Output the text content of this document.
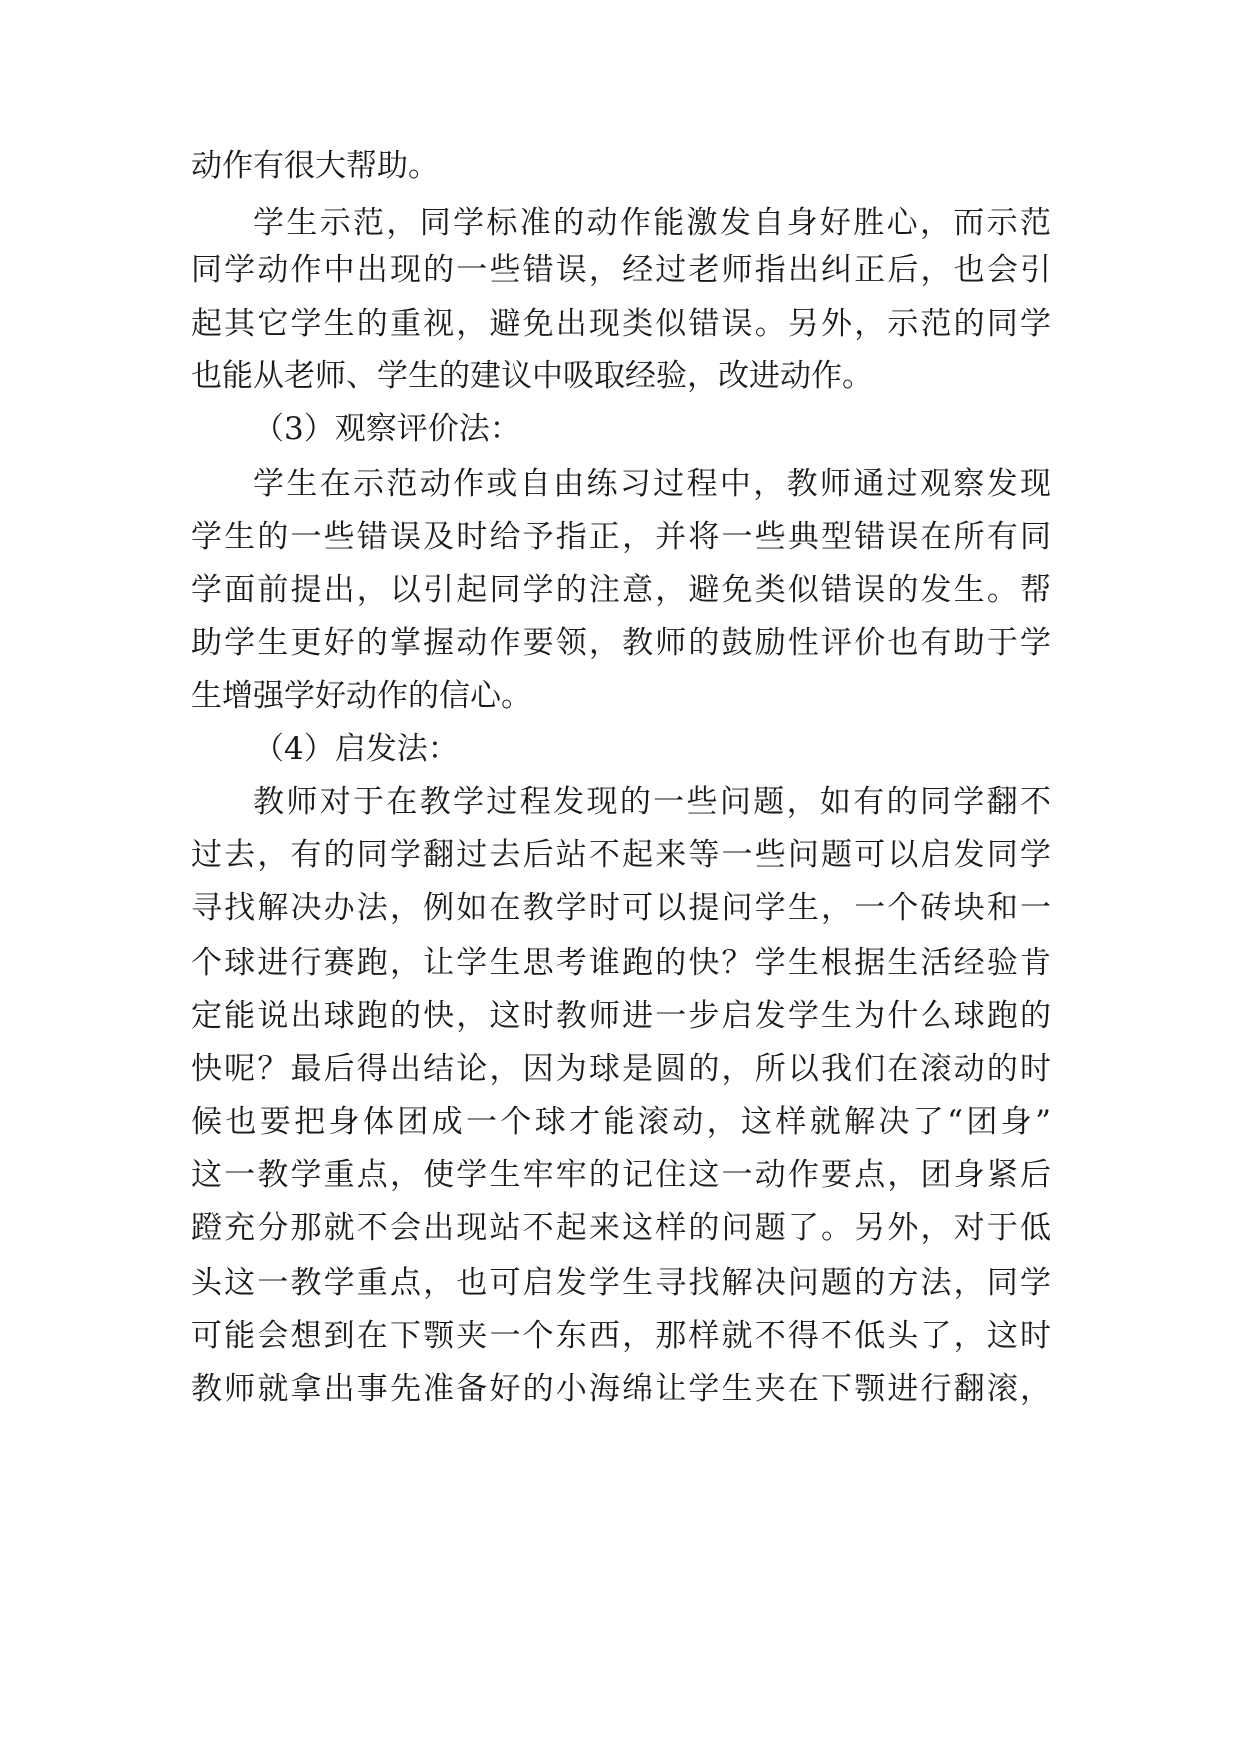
动作有很大帮助。
学生示范，同学标准的动作能激发自身好胜心，而示范
同学动作中出现的一些错误，经过老师指出纠正后，也会引
起其它学生的重视，避免出现类似错误。另外，示范的同学
也能从老师、学生的建议中吸取经验，改进动作。
（3）观察评价法：
学生在示范动作或自由练习过程中，教师通过观察发现
学生的一些错误及时给予指正，并将一些典型错误在所有同
学面前提出，以引起同学的注意，避免类似错误的发生。帮
助学生更好的掌握动作要领，教师的鼓励性评价也有助于学
生增强学好动作的信心。
（4）启发法：
教师对于在教学过程发现的一些问题，如有的同学翻不
过去，有的同学翻过去后站不起来等一些问题可以启发同学
寻找解决办法，例如在教学时可以提问学生，一个砖块和一
个球进行赛跑，让学生思考谁跑的快？学生根据生活经验肯
定能说出球跑的快，这时教师进一步启发学生为什么球跑的
快呢？最后得出结论，因为球是圆的，所以我们在滚动的时
候也要把身体团成一个球才能滚动，这样就解决了“团身”
这一教学重点，使学生牢牢的记住这一动作要点，团身紧后
蹬充分那就不会出现站不起来这样的问题了。另外，对于低
头这一教学重点，也可启发学生寻找解决问题的方法，同学
可能会想到在下颚夹一个东西，那样就不得不低头了，这时
教师就拿出事先准备好的小海绵让学生夹在下颚进行翻滚，
